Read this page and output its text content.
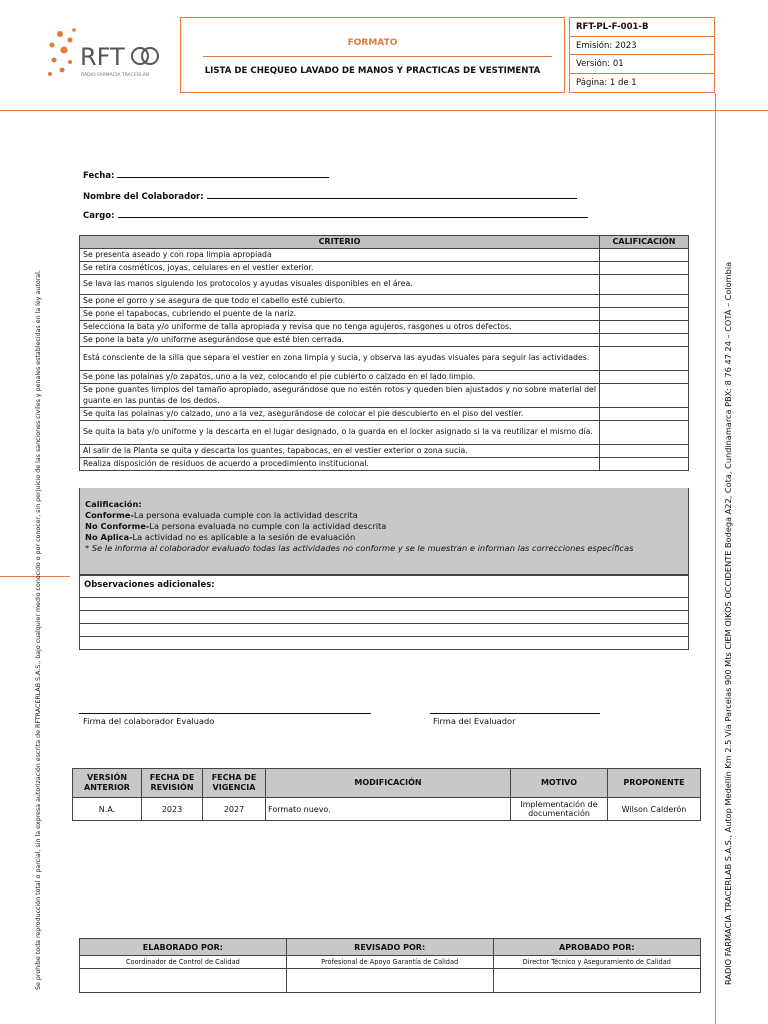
RFT
RADIO FARMACIA TRACERLAB
FORMATO
LISTA DE CHEQUEO LAVADO DE MANOS Y PRACTICAS DE VESTIMENTA
RFT-PL-F-001-B
Emisión: 2023
Versión: 01
Página: 1 de 1
Se prohibe toda reproducción total o parcial, sin la expresa autorización escrita de RFTRACERLAB S.A.S., bajo cualquier medio conocido o por conocer, sin perjuicio de las sanciones civiles y penales establecidas en la ley autoral.	RADIO FARMACIA TRACERLAB S.A.S., Autop Medellín Km 2.5 Vía Parcelas 900 Mts CIEM OIKOS OCCIDENTE Bodega A22, Cota, Cundinamarca PBX: 8 76 47 24 – COTÁ – Colombia
Fecha:
Nombre del Colaborador:
Cargo:
CRITERIO	CALIFICACIÓN
Se presenta aseado y con ropa limpia apropiada	
Se retira cosméticos, joyas, celulares en el vestier exterior.	
Se lava las manos siguiendo los protocolos y ayudas visuales disponibles en el área.	
Se pone el gorro y se asegura de que todo el cabello esté cubierto.	
Se pone el tapabocas, cubriendo el puente de la nariz.	
Selecciona la bata y/o uniforme de talla apropiada y revisa que no tenga agujeros, rasgones u otros defectos.	
Se pone la bata y/o uniforme asegurándose que esté bien cerrada.	
Está consciente de la silla que separa el vestier en zona limpia y sucia, y observa las ayudas visuales para seguir las actividades.	
Se pone las polainas y/o zapatos, uno a la vez, colocando el pie cubierto o calzado en el lado limpio.	
Se pone guantes limpios del tamaño apropiado, asegurándose que no estén rotos y queden bien ajustados y no sobre material del guante en las puntas de los dedos.	
Se quita las polainas y/o calzado, uno a la vez, asegurándose de colocar el pie descubierto en el piso del vestier.	
Se quita la bata y/o uniforme y la descarta en el lugar designado, o la guarda en el locker asignado si la va reutilizar el mismo día.	
Al salir de la Planta se quita y descarta los guantes, tapabocas, en el vestier exterior o zona sucia.	
Realiza disposición de residuos de acuerdo a procedimiento institucional.	
Calificación:
Conforme-La persona evaluada cumple con la actividad descrita
No Conforme-La persona evaluada no cumple con la actividad descrita
No Aplica-La actividad no es aplicable a la sesión de evaluación
* Se le informa al colaborador evaluado todas las actividades no conforme y se le muestran e informan las correcciones específicas
Observaciones adicionales:
Firma del colaborador Evaluado	Firma del Evaluador
VERSIÓN ANTERIOR	FECHA DE REVISIÓN	FECHA DE VIGENCIA	MODIFICACIÓN	MOTIVO	PROPONENTE
N.A.	2023	2027	Formato nuevo.	Implementación de documentación	Wilson Calderón
ELABORADO POR:	REVISADO POR:	APROBADO POR:
Coordinador de Control de Calidad	Profesional de Apoyo Garantía de Calidad	Director Técnico y Aseguramiento de Calidad
